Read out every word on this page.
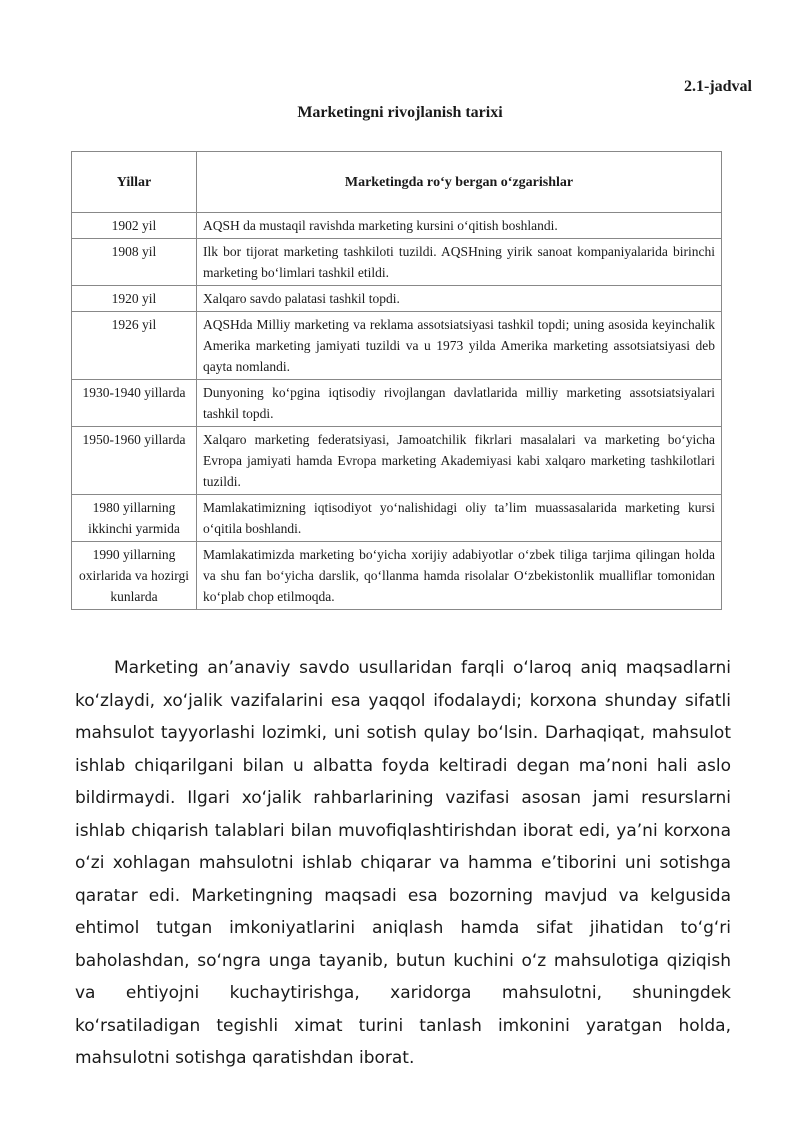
2.1-jadval
Marketingni rivojlanish tarixi
Yillar	Marketingda rо‘y bergan о‘zgarishlar
1902 yil	AQSH da mustaqil ravishda marketing kursini о‘qitish boshlandi.
1908 yil	Ilk bor tijorat marketing tashkiloti tuzildi. AQSHning yirik sanoat kompaniyalarida birinchi marketing bо‘limlari tashkil etildi.
1920 yil	Xalqaro savdo palatasi tashkil topdi.
1926 yil	AQSHda Milliy marketing va reklama assotsiatsiyasi tashkil topdi; uning asosida keyinchalik Amerika marketing jamiyati tuzildi va u 1973 yilda Amerika marketing assotsiatsiyasi deb qayta nomlandi.
1930-1940 yillarda	Dunyoning kо‘pgina iqtisodiy rivojlangan davlatlarida milliy marketing assotsiatsiyalari tashkil topdi.
1950-1960 yillarda	Xalqaro marketing federatsiyasi, Jamoatchilik fikrlari masalalari va marketing bо‘yicha Evropa jamiyati hamda Evropa marketing Akademiyasi kabi xalqaro marketing tashkilotlari tuzildi.
1980 yillarning ikkinchi yarmida	Mamlakatimizning iqtisodiyot yo‘nalishidagi oliy ta’lim muassasalarida marketing kursi о‘qitila boshlandi.
1990 yillarning oxirlarida va hozirgi kunlarda	Mamlakatimizda marketing bо‘yicha xorijiy adabiyotlar о‘zbek tiliga tarjima qilingan holda va shu fan bо‘yicha darslik, qо‘llanma hamda risolalar O‘zbekistonlik mualliflar tomonidan kо‘plab chop etilmoqda.
Marketing an’anaviy savdo usullaridan farqli o‘laroq aniq maqsadlarni ko‘zlaydi, xo‘jalik vazifalarini esa yaqqol ifodalaydi; korxona shunday sifatli mahsulot tayyorlashi lozimki, uni sotish qulay bo‘lsin. Darhaqiqat, mahsulot ishlab chiqarilgani bilan u albatta foyda keltiradi degan ma’noni hali aslo bildirmaydi. Ilgari xo‘jalik rahbarlarining vazifasi asosan jami resurslarni ishlab chiqarish talablari bilan muvofiqlashtirishdan iborat edi, ya’ni korxona o‘zi xohlagan mahsulotni ishlab chiqarar va hamma e’tiborini uni sotishga qaratar edi. Marketingning maqsadi esa bozorning mavjud va kelgusida ehtimol tutgan imkoniyatlarini aniqlash hamda sifat jihatidan to‘g‘ri baholashdan, so‘ngra unga tayanib, butun kuchini o‘z mahsulotiga qiziqish va ehtiyojni kuchaytirishga, xaridorga mahsulotni, shuningdek ko‘rsatiladigan tegishli ximat turini tanlash imkonini yaratgan holda, mahsulotni sotishga qaratishdan iborat.
